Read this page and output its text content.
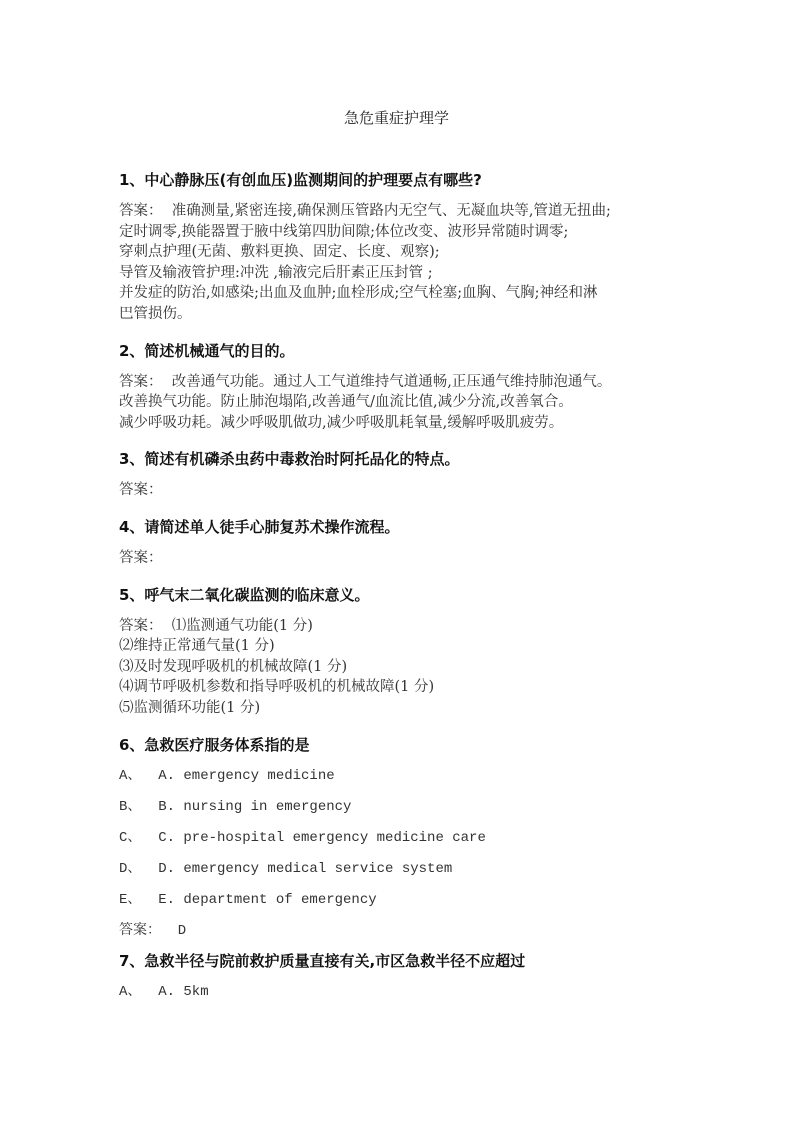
急危重症护理学
1、中心静脉压(有创血压)监测期间的护理要点有哪些?
答案：  准确测量,紧密连接,确保测压管路内无空气、无凝血块等,管道无扭曲;
定时调零,换能器置于腋中线第四肋间隙;体位改变、波形异常随时调零;
穿刺点护理(无菌、敷料更换、固定、长度、观察);
导管及输液管护理:冲洗 ,输液完后肝素正压封管 ;
并发症的防治,如感染;出血及血肿;血栓形成;空气栓塞;血胸、气胸;神经和淋
巴管损伤。
2、简述机械通气的目的。
答案：  改善通气功能。通过人工气道维持气道通畅,正压通气维持肺泡通气。
改善换气功能。防止肺泡塌陷,改善通气/血流比值,减少分流,改善氧合。
减少呼吸功耗。减少呼吸肌做功,减少呼吸肌耗氧量,缓解呼吸肌疲劳。
3、简述有机磷杀虫药中毒救治时阿托品化的特点。
答案：
4、请简述单人徒手心肺复苏术操作流程。
答案：
5、呼气末二氧化碳监测的临床意义。
答案：  ⑴监测通气功能(1 分)
⑵维持正常通气量(1 分)
⑶及时发现呼吸机的机械故障(1 分)
⑷调节呼吸机参数和指导呼吸机的机械故障(1 分)
⑸监测循环功能(1 分)
6、急救医疗服务体系指的是
A、  A. emergency medicine
B、  B. nursing in emergency
C、  C. pre-hospital emergency medicine care
D、  D. emergency medical service system
E、  E. department of emergency
答案：  D
7、急救半径与院前救护质量直接有关,市区急救半径不应超过
A、  A. 5km
